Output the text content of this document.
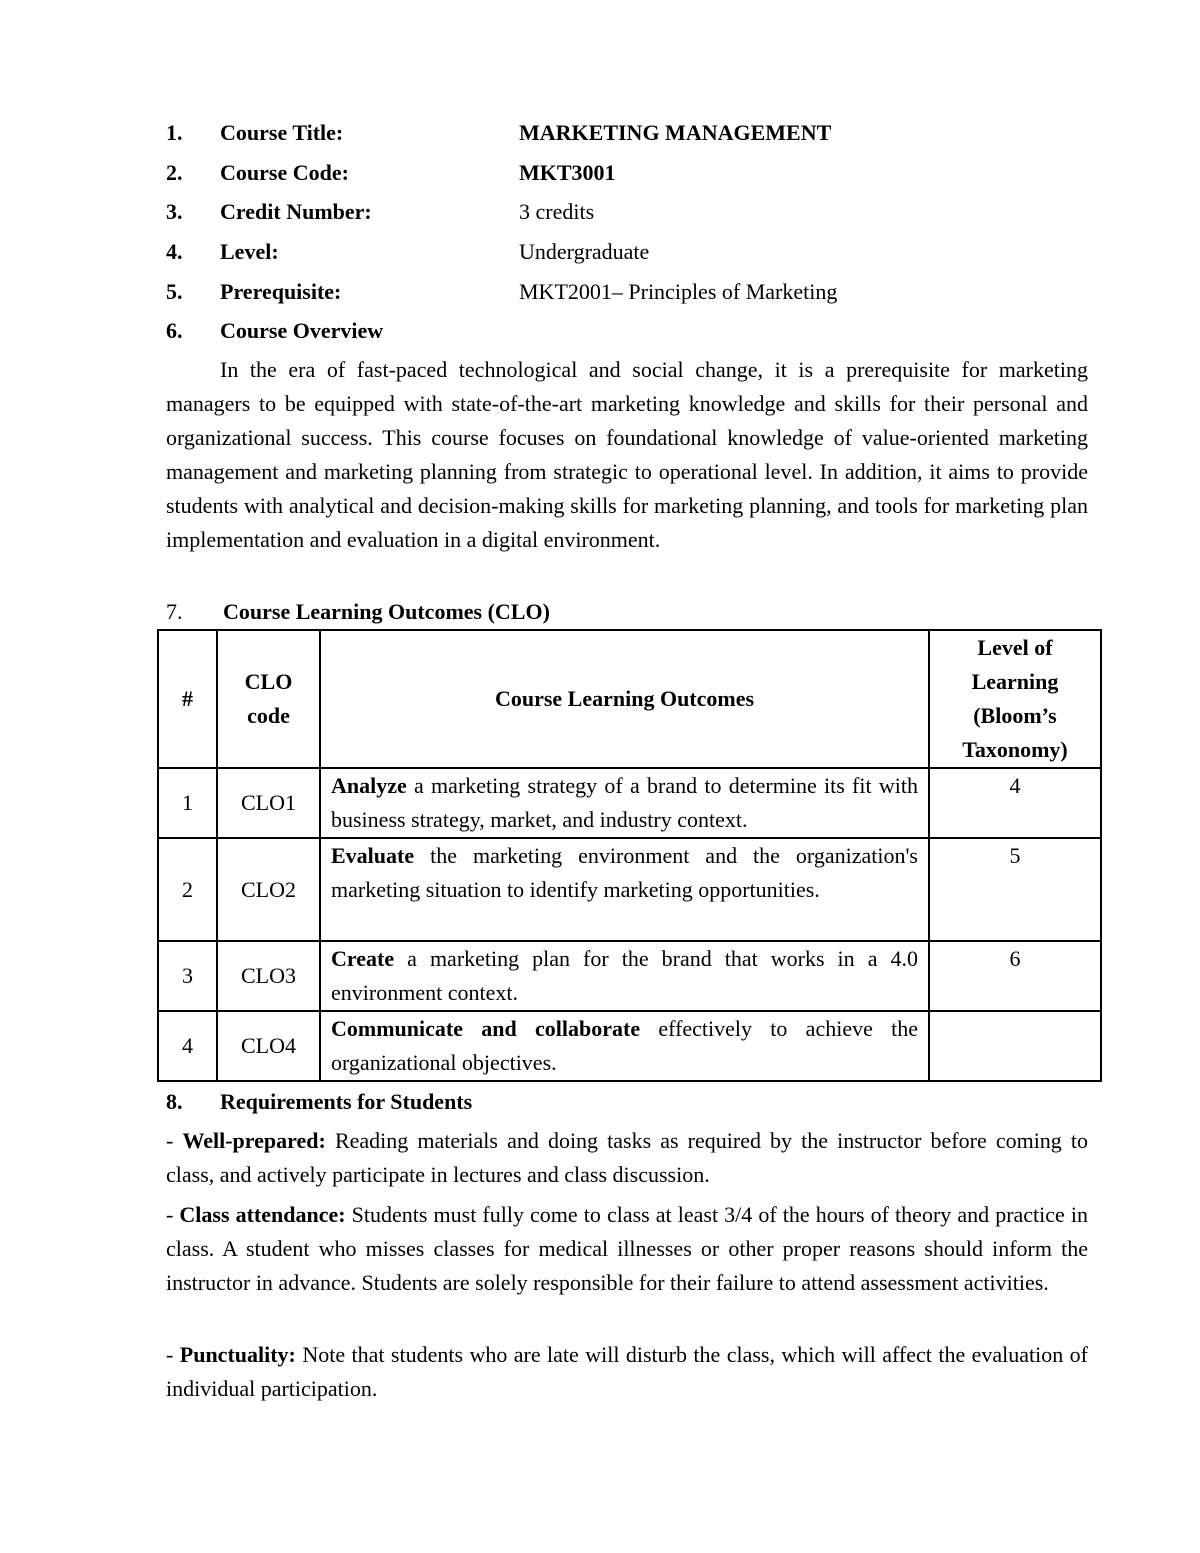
1. Course Title:	MARKETING MANAGEMENT
2. Course Code:	MKT3001
3. Credit Number:	3 credits
4. Level:	Undergraduate
5. Prerequisite:	MKT2001– Principles of Marketing
6. Course Overview

In the era of fast-paced technological and social change, it is a prerequisite for marketing managers to be equipped with state-of-the-art marketing knowledge and skills for their personal and organizational success. This course focuses on foundational knowledge of value-oriented marketing management and marketing planning from strategic to operational level. In addition, it aims to provide students with analytical and decision-making skills for marketing planning, and tools for marketing plan implementation and evaluation in a digital environment.

7. Course Learning Outcomes (CLO)
#	CLO code	Course Learning Outcomes	Level of Learning (Bloom’s Taxonomy)
1	CLO1	Analyze a marketing strategy of a brand to determine its fit with business strategy, market, and industry context.	4
2	CLO2	Evaluate the marketing environment and the organization's marketing situation to identify marketing opportunities.	5
3	CLO3	Create a marketing plan for the brand that works in a 4.0 environment context.	6
4	CLO4	Communicate and collaborate effectively to achieve the organizational objectives.	
8. Requirements for Students

- Well-prepared: Reading materials and doing tasks as required by the instructor before coming to class, and actively participate in lectures and class discussion.

- Class attendance: Students must fully come to class at least 3/4 of the hours of theory and practice in class. A student who misses classes for medical illnesses or other proper reasons should inform the instructor in advance. Students are solely responsible for their failure to attend assessment activities.

- Punctuality: Note that students who are late will disturb the class, which will affect the evaluation of individual participation.
